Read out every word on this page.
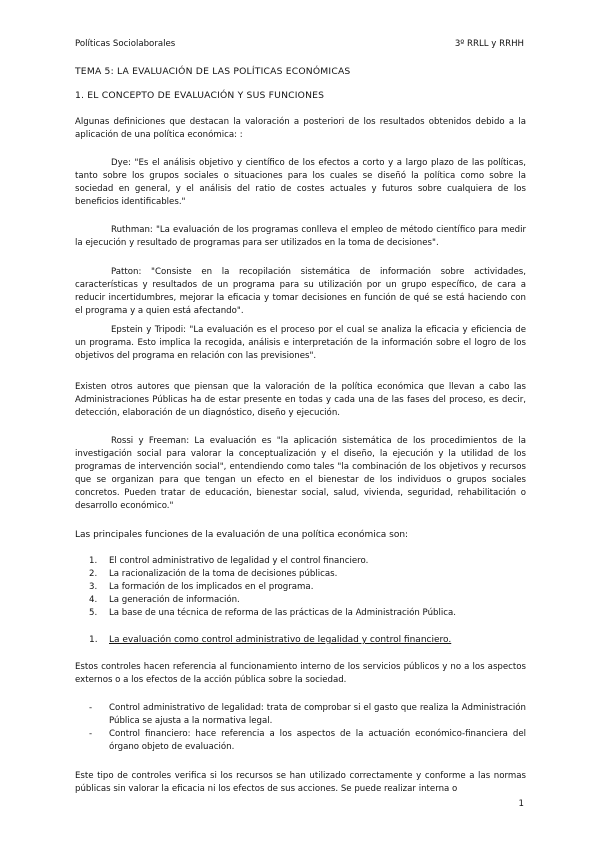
Políticas Sociolaborales	3º RRLL y RRHH
TEMA 5: LA EVALUACIÓN DE LAS POLÍTICAS ECONÓMICAS
1. EL CONCEPTO DE EVALUACIÓN Y SUS FUNCIONES

Algunas definiciones que destacan la valoración a posteriori de los resultados obtenidos debido a la aplicación de una política económica: :

Dye: "Es el análisis objetivo y científico de los efectos a corto y a largo plazo de las políticas, tanto sobre los grupos sociales o situaciones para los cuales se diseñó la política como sobre la sociedad en general, y el análisis del ratio de costes actuales y futuros sobre cualquiera de los beneficios identificables."

Ruthman: "La evaluación de los programas conlleva el empleo de método científico para medir la ejecución y resultado de programas para ser utilizados en la toma de decisiones".

Patton: "Consiste en la recopilación sistemática de información sobre actividades, características y resultados de un programa para su utilización por un grupo específico, de cara a reducir incertidumbres, mejorar la eficacia y tomar decisiones en función de qué se está haciendo con el programa y a quien está afectando".

Epstein y Tripodi: "La evaluación es el proceso por el cual se analiza la eficacia y eficiencia de un programa. Esto implica la recogida, análisis e interpretación de la información sobre el logro de los objetivos del programa en relación con las previsiones".

Existen otros autores que piensan que la valoración de la política económica que llevan a cabo las Administraciones Públicas ha de estar presente en todas y cada una de las fases del proceso, es decir, detección, elaboración de un diagnóstico, diseño y ejecución.

Rossi y Freeman: La evaluación es "la aplicación sistemática de los procedimientos de la investigación social para valorar la conceptualización y el diseño, la ejecución y la utilidad de los programas de intervención social", entendiendo como tales "la combinación de los objetivos y recursos que se organizan para que tengan un efecto en el bienestar de los individuos o grupos sociales concretos. Pueden tratar de educación, bienestar social, salud, vivienda, seguridad, rehabilitación o desarrollo económico."

Las principales funciones de la evaluación de una política económica son:

1. El control administrativo de legalidad y el control financiero.
2. La racionalización de la toma de decisiones públicas.
3. La formación de los implicados en el programa.
4. La generación de información.
5. La base de una técnica de reforma de las prácticas de la Administración Pública.
1. La evaluación como control administrativo de legalidad y control financiero.

Estos controles hacen referencia al funcionamiento interno de los servicios públicos y no a los aspectos externos o a los efectos de la acción pública sobre la sociedad.

- Control administrativo de legalidad: trata de comprobar si el gasto que realiza la Administración Pública se ajusta a la normativa legal.
- Control financiero: hace referencia a los aspectos de la actuación económico-financiera del órgano objeto de evaluación.

Este tipo de controles verifica si los recursos se han utilizado correctamente y conforme a las normas públicas sin valorar la eficacia ni los efectos de sus acciones. Se puede realizar interna o

1
